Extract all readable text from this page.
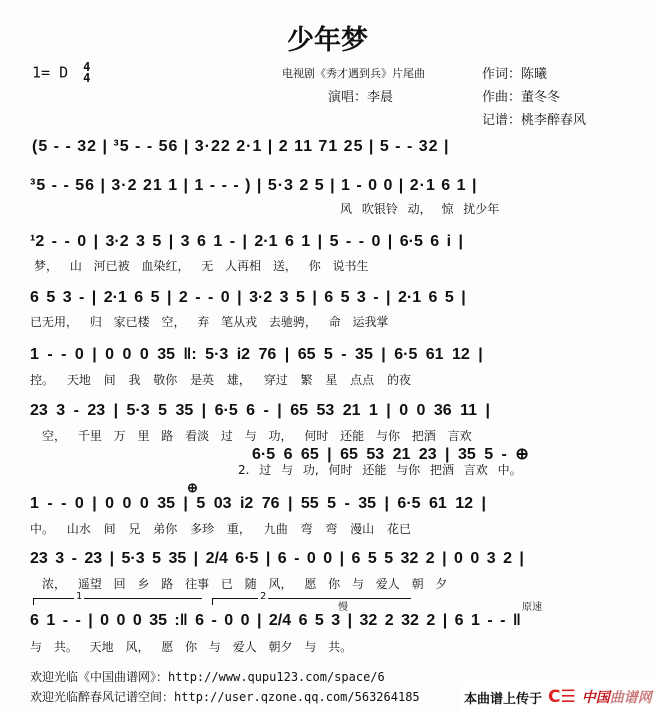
少年梦
1= D 4
4	电视剧《秀才遇到兵》片尾曲	作词：陈曦
演唱：李晨	作曲：董冬冬
记谱：桃李醉春风
(5 - - 32 | ³5 - - 56 | 3·22 2·1 | 2 11 71 25 | 5 - - 32 |
³5 - - 56 | 3·2 21 1 | 1 - - - ) | 5·3 2 5 | 1 - 0 0 | 2·1 6 1 |
风 吹银铃 动， 惊 扰少年
¹2 - - 0 | 3·2 3 5 | 3 6 1 - | 2·1 6 1 | 5 - - 0 | 6·5 6 i |
梦， 山 河已被 血染红， 无 人再相 送， 你 说书生
6 5 3 - | 2·1 6 5 | 2 - - 0 | 3·2 3 5 | 6 5 3 - | 2·1 6 5 |
已无用， 归 家已楼 空， 弃 笔从戎 去驰骋， 命 运我掌
1 - - 0 | 0 0 0 35 ‖: 5·3 i2 76 | 65 5 - 35 | 6·5 61 12 |
控。 天地 间 我 敬你 是英 雄， 穿过 繁 星 点点 的夜
23 3 - 23 | 5·3 5 35 | 6·5 6 - | 65 53 21 1 | 0 0 36 11 |
空， 千里 万 里 路 看淡 过 与 功， 何时 还能 与你 把酒 言欢
6·5 6 65 | 65 53 21 23 | 35 5 - ⊕
2. 过 与 功, 何时 还能 与你 把酒 言欢 中。
1 - - 0 | 0 0 0 35 | 5 03 i2 76 | 55 5 - 35 | 6·5 61 12 |
中。 山水 间 兄 弟你 多珍 重， 九曲 弯 弯 漫山 花已
⊕
23 3 - 23 | 5·3 5 35 | 2/4 6·5 | 6 - 0 0 | 6 5 5 32 2 | 0 0 3 2 |
浓， 遥望 回 乡 路 往事 已 随 风， 愿 你 与 爱人 朝 夕
1	2
慢	原速
6 1 - - | 0 0 0 35 :‖ 6 - 0 0 | 2/4 6 5 3 | 32 2 32 2 | 6 1 - - ‖
与 共。 天地 风， 愿 你 与 爱人 朝夕 与 共。
欢迎光临《中国曲谱网》：http://www.qupu123.com/space/6
欢迎光临醉春风记谱空间：http://user.qzone.qq.com/563264185	本曲谱上传于 C☰ 中国 曲谱网
